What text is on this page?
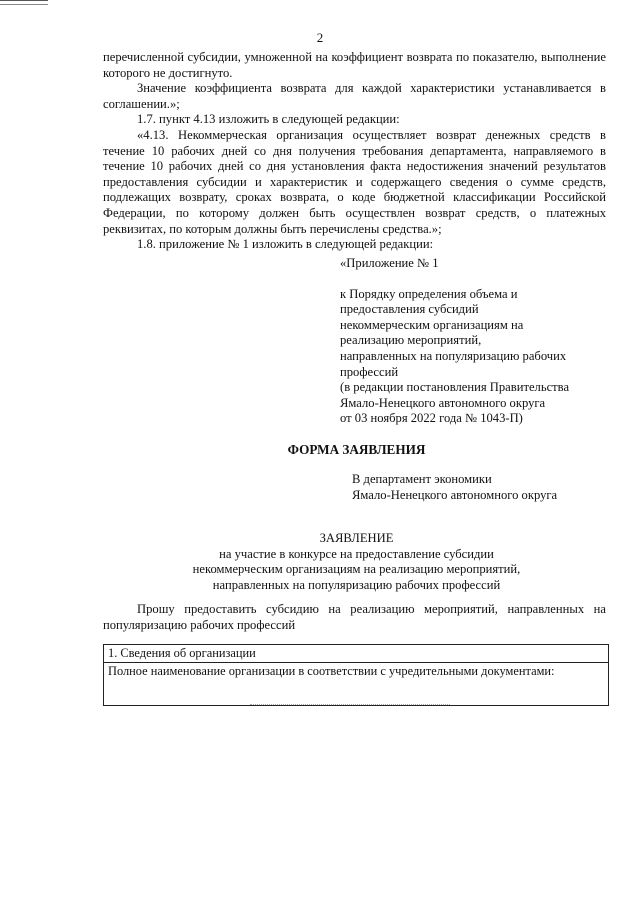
2

перечисленной субсидии, умноженной на коэффициент возврата по показателю, выполнение которого не достигнуто.

Значение коэффициента возврата для каждой характеристики устанавливается в соглашении.»;

1.7. пункт 4.13 изложить в следующей редакции:

«4.13. Некоммерческая организация осуществляет возврат денежных средств в течение 10 рабочих дней со дня получения требования департамента, направляемого в течение 10 рабочих дней со дня установления факта недостижения значений результатов предоставления субсидии и характеристик и содержащего сведения о сумме средств, подлежащих возврату, сроках возврата, о коде бюджетной классификации Российской Федерации, по которому должен быть осуществлен возврат средств, о платежных реквизитах, по которым должны быть перечислены средства.»;

1.8. приложение № 1 изложить в следующей редакции:

«Приложение № 1
к Порядку определения объема и
предоставления субсидий
некоммерческим организациям на
реализацию мероприятий,
направленных на популяризацию рабочих
профессий
(в редакции постановления Правительства
Ямало-Ненецкого автономного округа
от 03 ноября 2022 года № 1043-П)
ФОРМА ЗАЯВЛЕНИЯ
В департамент экономики
Ямало-Ненецкого автономного округа
ЗАЯВЛЕНИЕ
на участие в конкурсе на предоставление субсидии
некоммерческим организациям на реализацию мероприятий,
направленных на популяризацию рабочих профессий

Прошу предоставить субсидию на реализацию мероприятий, направленных на популяризацию рабочих профессий

1. Сведения об организации
Полное наименование организации в соответствии с учредительными документами:
